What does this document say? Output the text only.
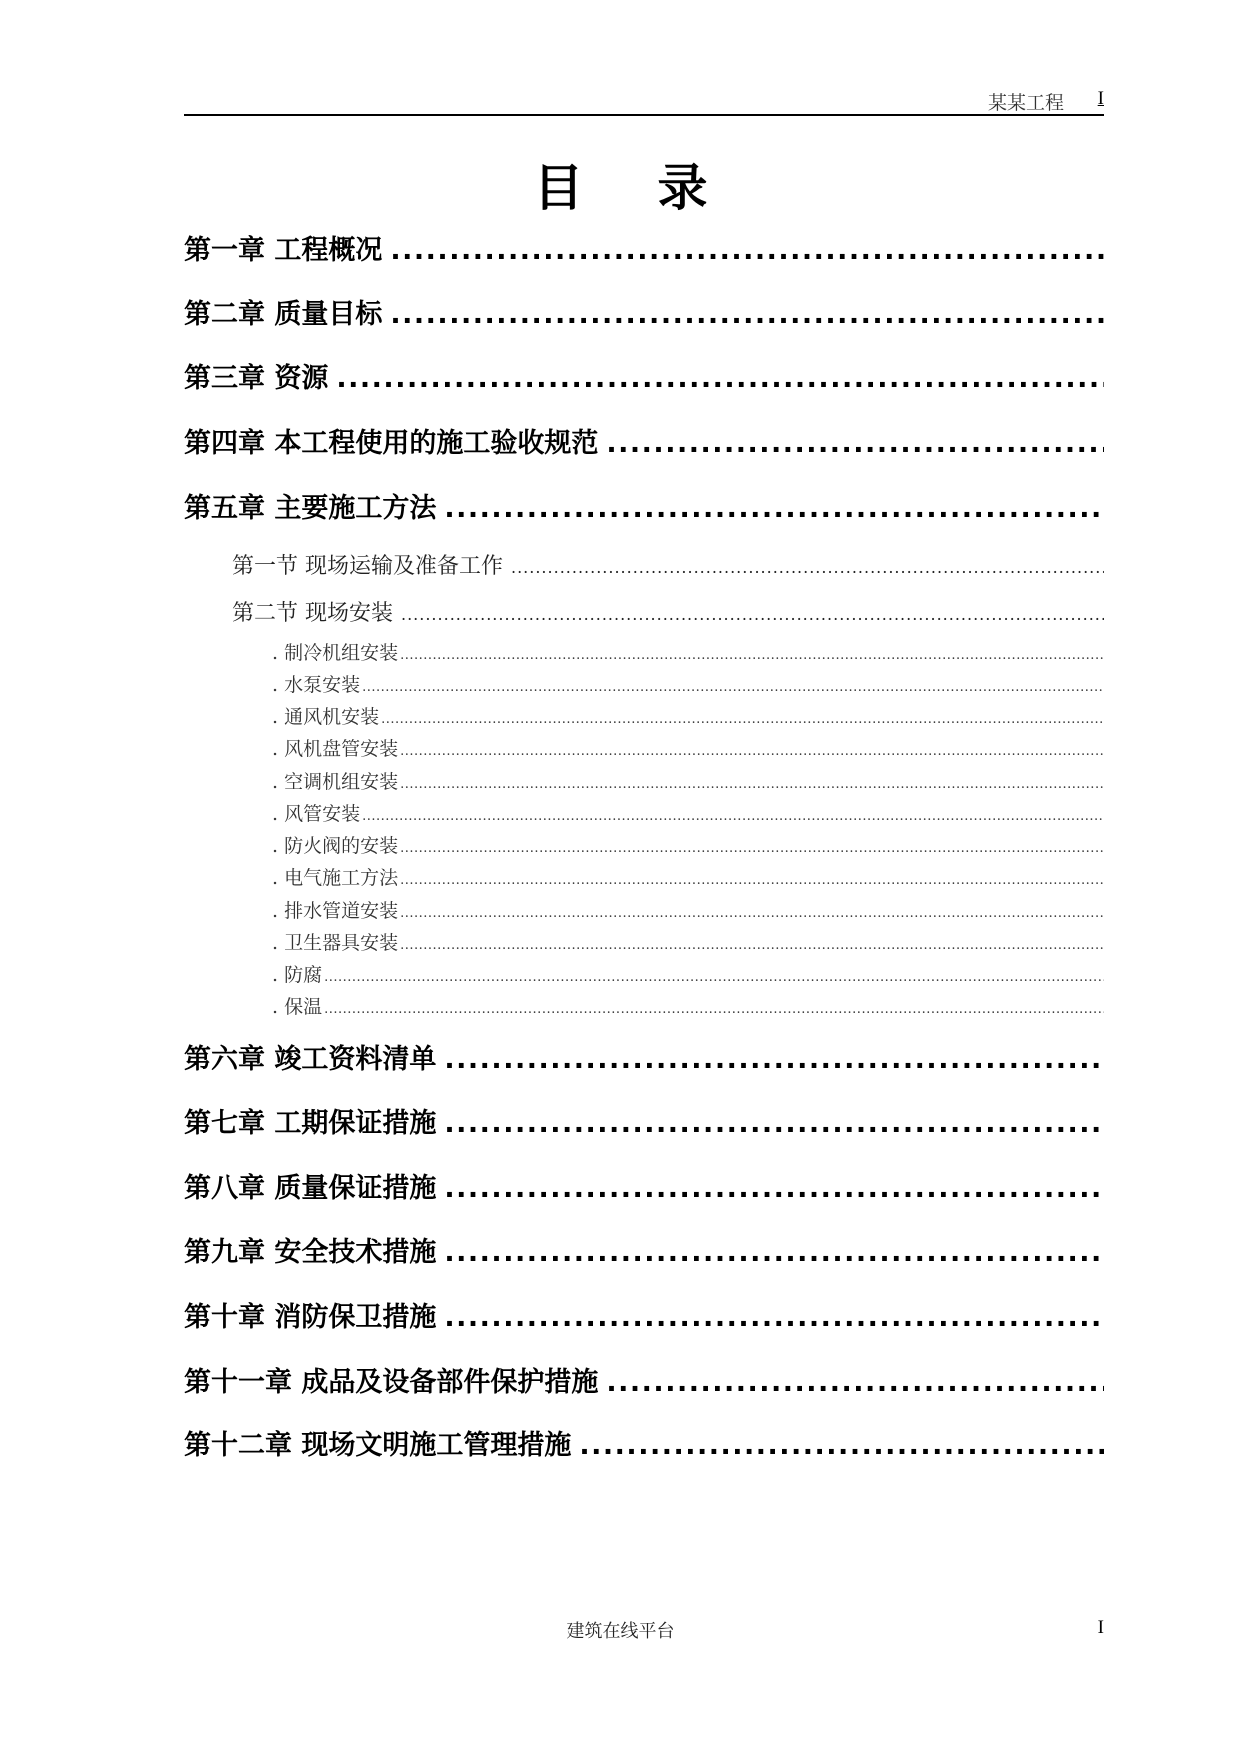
某某工程 I
目录
第一章 工程概况
.....
第二章 质量目标
.....
第三章 资源
.....
第四章 本工程使用的施工验收规范
.....
第五章 主要施工方法
.....
第一节 现场运输及准备工作
.....
第二节 现场安装
.....
. 制冷机组安装
.....
. 水泵安装
.....
. 通风机安装
.....
. 风机盘管安装
.....
. 空调机组安装
.....
. 风管安装
.....
. 防火阀的安装
.....
. 电气施工方法
.....
. 排水管道安装
.....
. 卫生器具安装
.....
. 防腐
.....
. 保温
.....
第六章 竣工资料清单
.....
第七章 工期保证措施
.....
第八章 质量保证措施
.....
第九章 安全技术措施
.....
第十章 消防保卫措施
.....
第十一章 成品及设备部件保护措施
.....
第十二章 现场文明施工管理措施
.....
建筑在线平台	I
